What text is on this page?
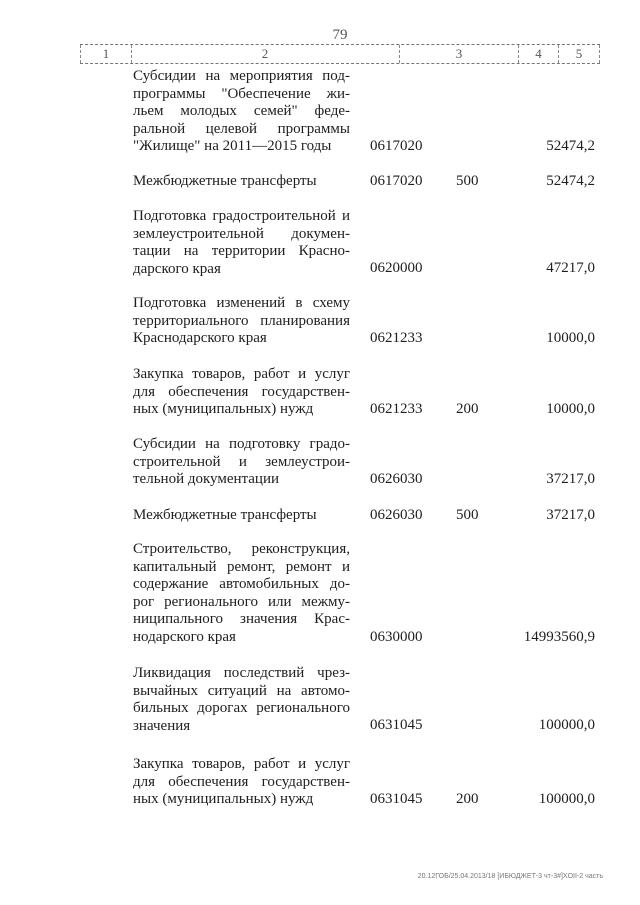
79
1	2	3	4	5
Субсидии на мероприятия подпрограммы "Обеспечение жильем молодых семей" федеральной целевой программы "Жилище" на 2011—2015 годы	0617020	52474,2
Межбюджетные трансферты	0617020 500	52474,2
Подготовка градостроительной и землеустроительной документации на территории Краснодарского края	0620000	47217,0
Подготовка изменений в схему территориального планирования Краснодарского края	0621233	10000,0
Закупка товаров, работ и услуг для обеспечения государственных (муниципальных) нужд	0621233 200	10000,0
Субсидии на подготовку градостроительной и землеустроительной документации	0626030	37217,0
Межбюджетные трансферты	0626030 500	37217,0
Строительство, реконструкция, капитальный ремонт, ремонт и содержание автомобильных дорог регионального или межмуниципального значения Краснодарского края	0630000	14993560,9
Ликвидация последствий чрезвычайных ситуаций на автомобильных дорогах регионального значения	0631045	100000,0
Закупка товаров, работ и услуг для обеспечения государственных (муниципальных) нужд	0631045 200	100000,0
20.12ГОБ/25.04.2013/18 [ИБЮДЖЕТ-3 чт-3#]XOII-2 часть
